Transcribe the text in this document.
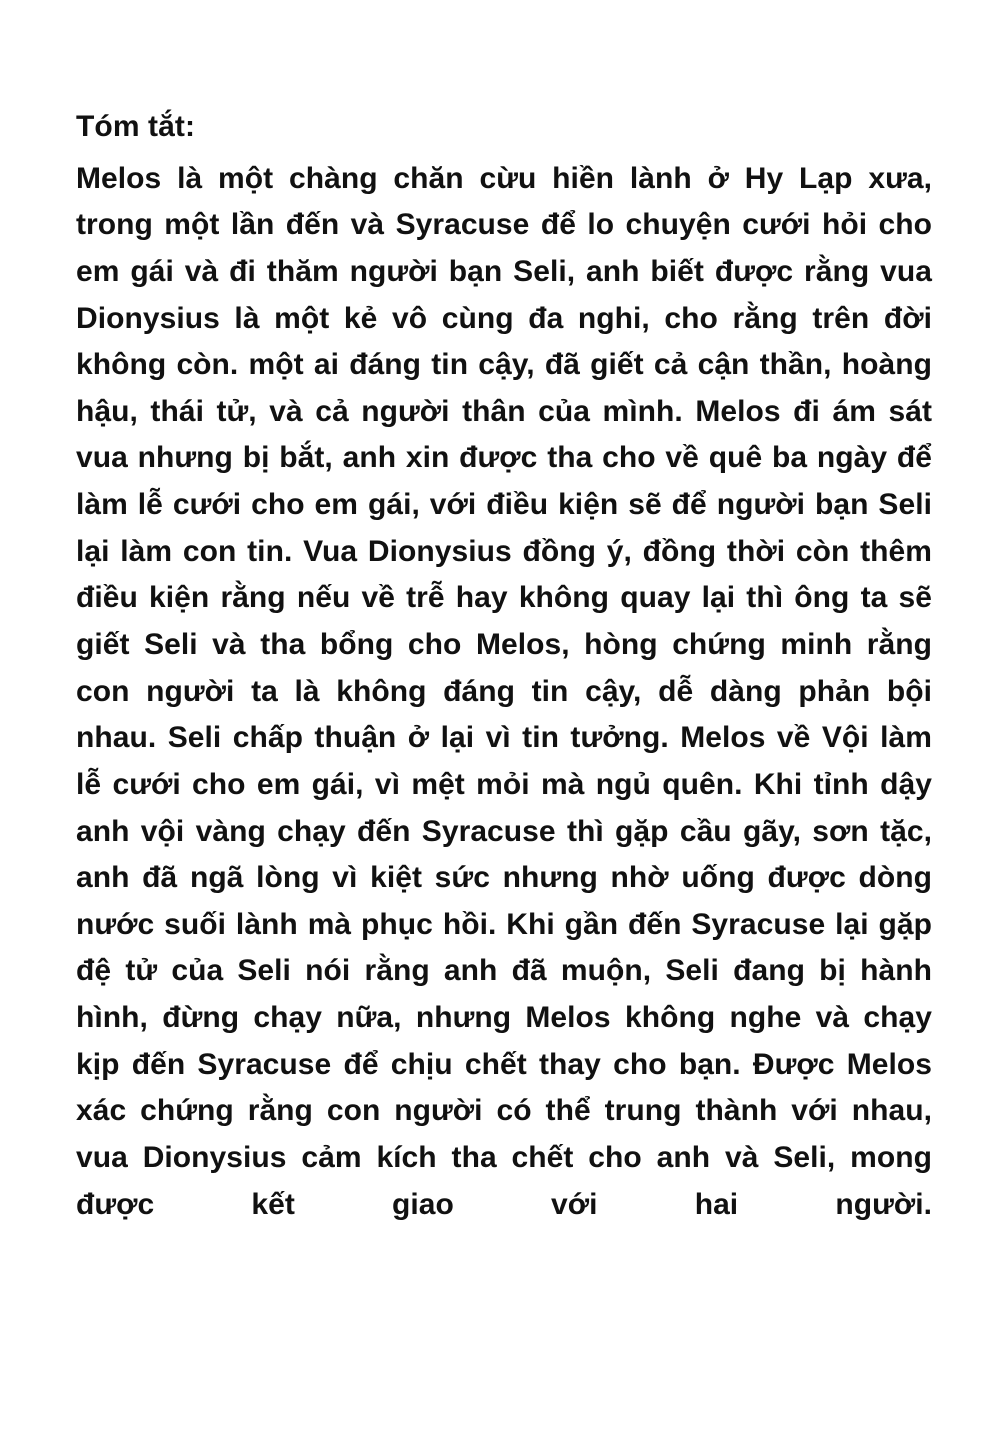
Tóm tắt:

Melos là một chàng chăn cừu hiền lành ở Hy Lạp xưa, trong một lần đến và Syracuse để lo chuyện cưới hỏi cho em gái và đi thăm người bạn Seli, anh biết được rằng vua Dionysius là một kẻ vô cùng đa nghi, cho rằng trên đời không còn. một ai đáng tin cậy, đã giết cả cận thần, hoàng hậu, thái tử, và cả người thân của mình. Melos đi ám sát vua nhưng bị bắt, anh xin được tha cho về quê ba ngày để làm lễ cưới cho em gái, với điều kiện sẽ để người bạn Seli lại làm con tin. Vua Dionysius đồng ý, đồng thời còn thêm điều kiện rằng nếu về trễ hay không quay lại thì ông ta sẽ giết Seli và tha bổng cho Melos, hòng chứng minh rằng con người ta là không đáng tin cậy, dễ dàng phản bội nhau. Seli chấp thuận ở lại vì tin tưởng. Melos về Vội làm lễ cưới cho em gái, vì mệt mỏi mà ngủ quên. Khi tỉnh dậy anh vội vàng chạy đến Syracuse thì gặp cầu gãy, sơn tặc, anh đã ngã lòng vì kiệt sức nhưng nhờ uống được dòng nước suối lành mà phục hồi. Khi gần đến Syracuse lại gặp đệ tử của Seli nói rằng anh đã muộn, Seli đang bị hành hình, đừng chạy nữa, nhưng Melos không nghe và chạy kịp đến Syracuse để chịu chết thay cho bạn. Được Melos xác chứng rằng con người có thể trung thành với nhau, vua Dionysius cảm kích tha chết cho anh và Seli, mong được kết giao với hai người.
